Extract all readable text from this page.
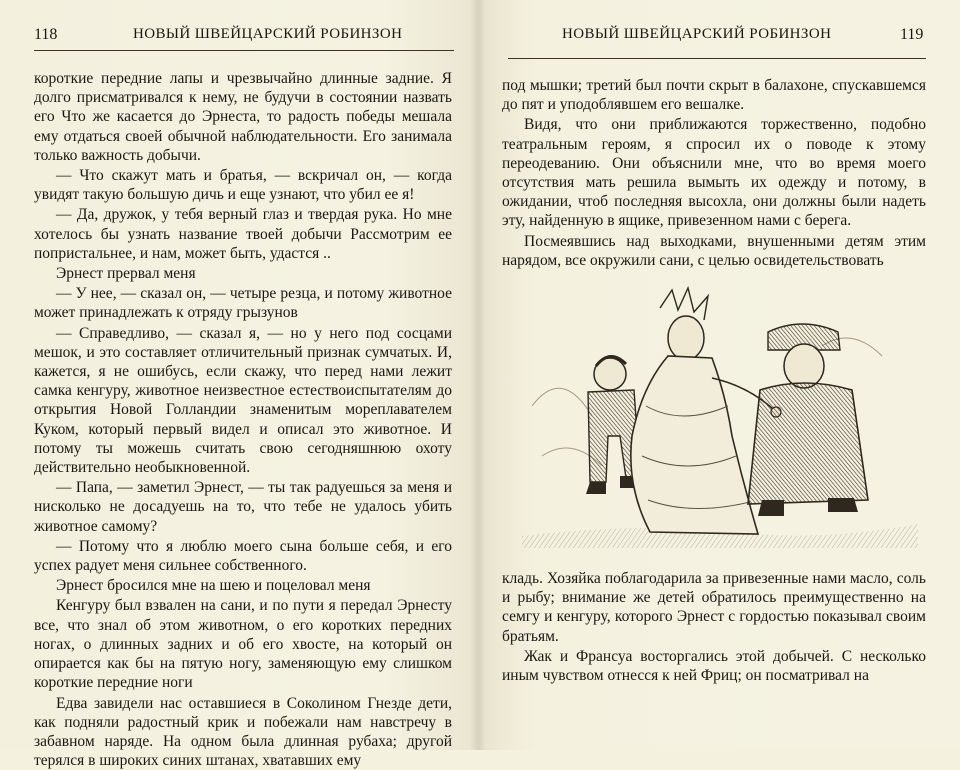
118	НОВЫЙ ШВЕЙЦАРСКИЙ РОБИНЗОН

короткие передние лапы и чрезвычайно длинные задние. Я долго присматривался к нему, не будучи в состоянии назвать его Что же касается до Эрнеста, то радость победы мешала ему отдаться своей обычной наблюдательности. Его занимала только важность добычи.

— Что скажут мать и братья, — вскричал он, — когда увидят такую большую дичь и еще узнают, что убил ее я!

— Да, дружок, у тебя верный глаз и твердая рука. Но мне хотелось бы узнать название твоей добычи Рассмотрим ее попристальнее, и нам, может быть, удастся ..

Эрнест прервал меня

— У нее, — сказал он, — четыре резца, и потому животное может принадлежать к отряду грызунов

— Справедливо, — сказал я, — но у него под сосцами мешок, и это составляет отличительный признак сумчатых. И, кажется, я не ошибусь, если скажу, что перед нами лежит самка кенгуру, животное неизвестное естествоиспытателям до открытия Новой Голландии знаменитым мореплавателем Куком, который первый видел и описал это животное. И потому ты можешь считать свою сегодняшнюю охоту действительно необыкновенной.

— Папа, — заметил Эрнест, — ты так радуешься за меня и нисколько не досадуешь на то, что тебе не удалось убить животное самому?

— Потому что я люблю моего сына больше себя, и его успех радует меня сильнее собственного.

Эрнест бросился мне на шею и поцеловал меня

Кенгуру был взвален на сани, и по пути я передал Эрнесту все, что знал об этом животном, о его коротких передних ногах, о длинных задних и об его хвосте, на который он опирается как бы на пятую ногу, заменяющую ему слишком короткие передние ноги

Едва завидели нас оставшиеся в Соколином Гнезде дети, как подняли радостный крик и побежали нам навстречу в забавном наряде. На одном была длинная рубаха; другой терялся в широких синих штанах, хватавших ему

НОВЫЙ ШВЕЙЦАРСКИЙ РОБИНЗОН	119

под мышки; третий был почти скрыт в балахоне, спускавшемся до пят и уподоблявшем его вешалке.

Видя, что они приближаются торжественно, подобно театральным героям, я спросил их о поводе к этому переодеванию. Они объяснили мне, что во время моего отсутствия мать решила вымыть их одежду и потому, в ожидании, чтоб последняя высохла, они должны были надеть эту, найденную в ящике, привезенном нами с берега.

Посмеявшись над выходками, внушенными детям этим нарядом, все окружили сани, с целью освидетельствовать

кладь. Хозяйка поблагодарила за привезенные нами масло, соль и рыбу; внимание же детей обратилось преимущественно на семгу и кенгуру, которого Эрнест с гордостью показывал своим братьям.

Жак и Франсуа восторгались этой добычей. С несколько иным чувством отнесся к ней Фриц; он посматривал на
